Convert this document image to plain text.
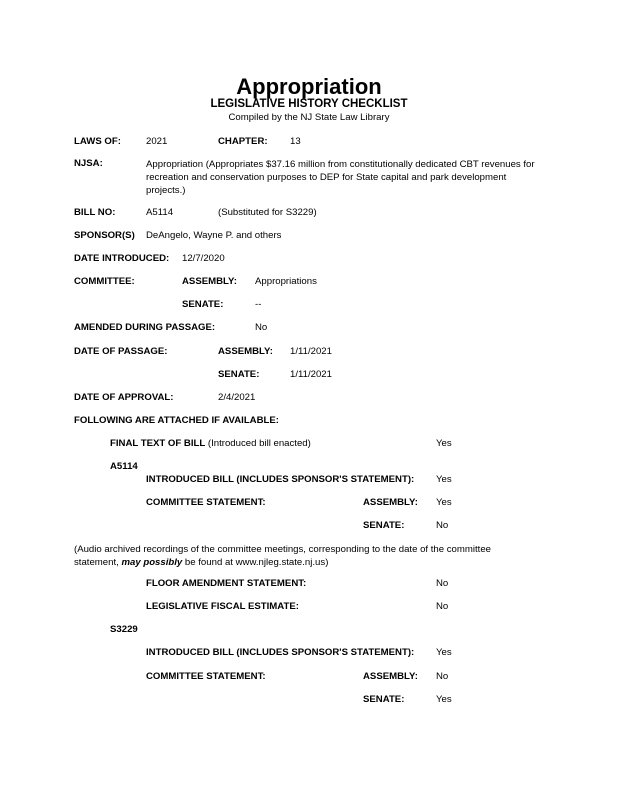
Appropriation
LEGISLATIVE HISTORY CHECKLIST
Compiled by the NJ State Law Library
LAWS OF:	2021	CHAPTER: 13
NJSA:	Appropriation (Appropriates $37.16 million from constitutionally dedicated CBT revenues for recreation and conservation purposes to DEP for State capital and park development projects.)
BILL NO:	A5114	(Substituted for S3229)
SPONSOR(S) DeAngelo, Wayne P. and others
DATE INTRODUCED: 12/7/2020
COMMITTEE:	ASSEMBLY: Appropriations
SENATE:	--
AMENDED DURING PASSAGE:	No
DATE OF PASSAGE:	ASSEMBLY: 1/11/2021
SENATE:	1/11/2021
DATE OF APPROVAL:	2/4/2021
FOLLOWING ARE ATTACHED IF AVAILABLE:
FINAL TEXT OF BILL (Introduced bill enacted)	Yes
A5114
INTRODUCED BILL (INCLUDES SPONSOR'S STATEMENT): Yes
COMMITTEE STATEMENT:	ASSEMBLY: Yes
SENATE:	No
(Audio archived recordings of the committee meetings, corresponding to the date of the committee statement, may possibly be found at www.njleg.state.nj.us)
FLOOR AMENDMENT STATEMENT:	No
LEGISLATIVE FISCAL ESTIMATE:	No
S3229
INTRODUCED BILL (INCLUDES SPONSOR'S STATEMENT): Yes
COMMITTEE STATEMENT:	ASSEMBLY: No
SENATE:	Yes
